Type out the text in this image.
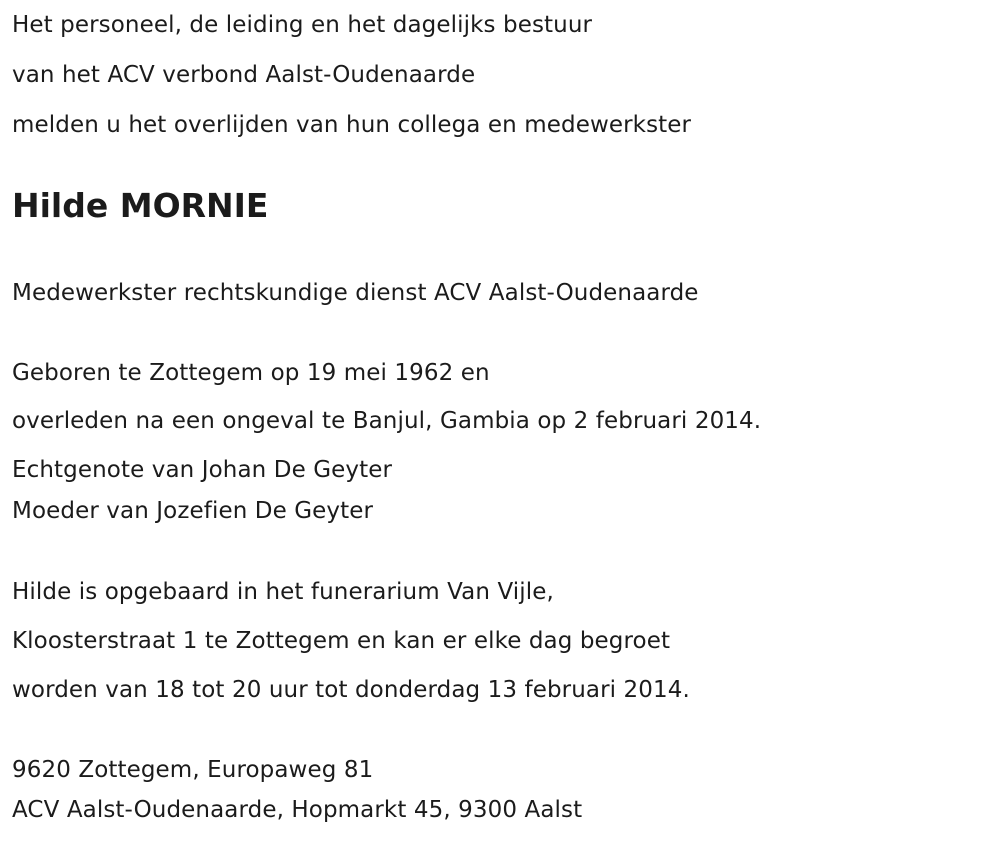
Het personeel, de leiding en het dagelijks bestuur
van het ACV verbond Aalst-Oudenaarde
melden u het overlijden van hun collega en medewerkster
Hilde MORNIE
Medewerkster rechtskundige dienst ACV Aalst-Oudenaarde
Geboren te Zottegem op 19 mei 1962 en
overleden na een ongeval te Banjul, Gambia op 2 februari 2014.
Echtgenote van Johan De Geyter
Moeder van Jozefien De Geyter
Hilde is opgebaard in het funerarium Van Vijle,
Kloosterstraat 1 te Zottegem en kan er elke dag begroet
worden van 18 tot 20 uur tot donderdag 13 februari 2014.
9620 Zottegem, Europaweg 81
ACV Aalst-Oudenaarde, Hopmarkt 45, 9300 Aalst
